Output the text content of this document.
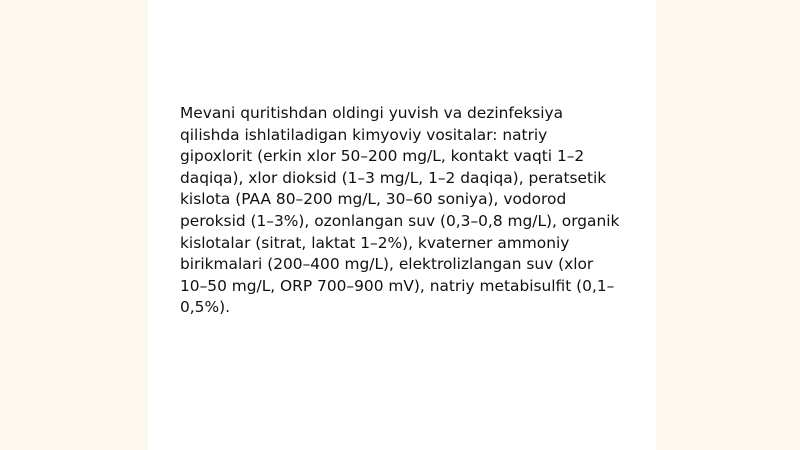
Mevani quritishdan oldingi yuvish va dezinfeksiya qilishda ishlatiladigan kimyoviy vositalar: natriy gipoxlorit (erkin xlor 50–200 mg/L, kontakt vaqti 1–2 daqiqa), xlor dioksid (1–3 mg/L, 1–2 daqiqa), peratsetik kislota (PAA 80–200 mg/L, 30–60 soniya), vodorod peroksid (1–3%), ozonlangan suv (0,3–0,8 mg/L), organik kislotalar (sitrat, laktat 1–2%), kvaterner ammoniy birikmalari (200–400 mg/L), elektrolizlangan suv (xlor 10–50 mg/L, ORP 700–900 mV), natriy metabisulfit (0,1–0,5%).
